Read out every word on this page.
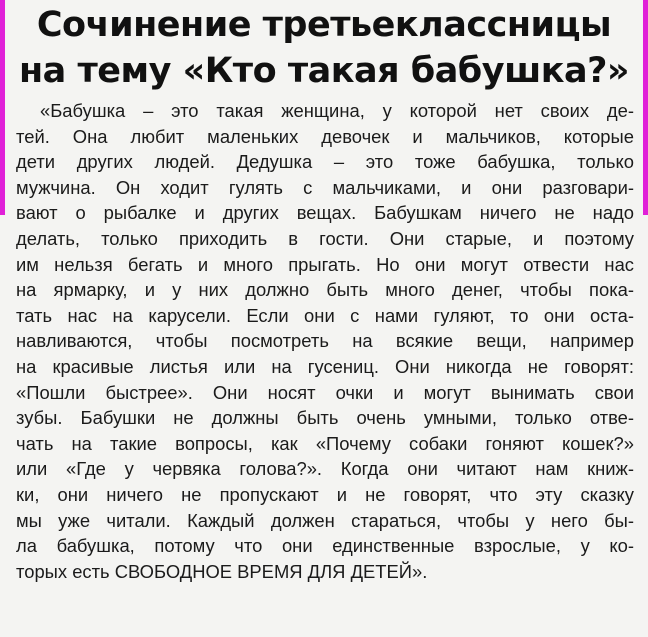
Сочинение третьеклассницы
на тему «Кто такая бабушка?»
«Бабушка – это такая женщина, у которой нет своих де-
тей. Она любит маленьких девочек и мальчиков, которые
дети других людей. Дедушка – это тоже бабушка, только
мужчина. Он ходит гулять с мальчиками, и они разговари-
вают о рыбалке и других вещах. Бабушкам ничего не надо
делать, только приходить в гости. Они старые, и поэтому
им нельзя бегать и много прыгать. Но они могут отвести нас
на ярмарку, и у них должно быть много денег, чтобы пока-
тать нас на карусели. Если они с нами гуляют, то они оста-
навливаются, чтобы посмотреть на всякие вещи, например
на красивые листья или на гусениц. Они никогда не говорят:
«Пошли быстрее». Они носят очки и могут вынимать свои
зубы. Бабушки не должны быть очень умными, только отве-
чать на такие вопросы, как «Почему собаки гоняют кошек?»
или «Где у червяка голова?». Когда они читают нам книж-
ки, они ничего не пропускают и не говорят, что эту сказку
мы уже читали. Каждый должен стараться, чтобы у него бы-
ла бабушка, потому что они единственные взрослые, у ко-
торых есть СВОБОДНОЕ ВРЕМЯ ДЛЯ ДЕТЕЙ».
